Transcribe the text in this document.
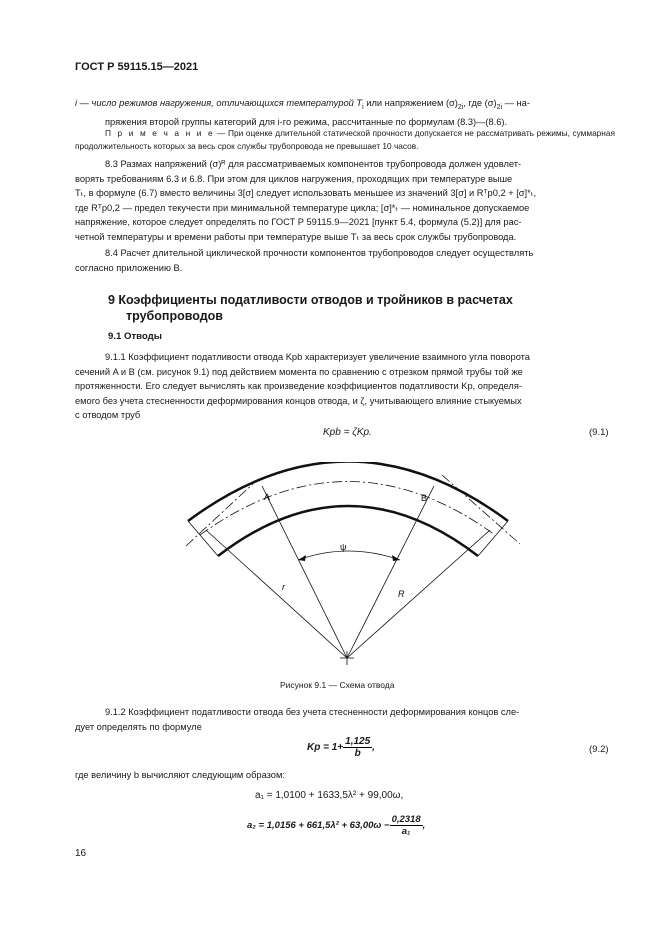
ГОСТ Р 59115.15—2021
i — число режимов нагружения, отличающихся температурой $T_i$ или напряжением $(\sigma)_{2i}$, где $(\sigma)_{2i}$ — на-
пряжения второй группы категорий для i-го режима, рассчитанные по формулам (8.3)—(8.6).
П р и м е ч а н и е — При оценке длительной статической прочности допускается не рассматривать режимы, суммарная продолжительность которых за весь срок службы трубопровода не превышает 10 часов.
8.3 Размах напряжений (σ)ᴿ для рассматриваемых компонентов трубопровода должен удовлет-
ворять требованиям 6.3 и 6.8. При этом для циклов нагружения, проходящих при температуре выше
Tₜ, в формуле (6.7) вместо величины 3[σ] следует использовать меньшее из значений 3[σ] и Rᵀp0,2 + [σ]*ₜ,
где Rᵀp0,2 — предел текучести при минимальной температуре цикла; [σ]*ₜ — номинальное допускаемое
напряжение, которое следует определять по ГОСТ Р 59115.9—2021 [пункт 5.4, формула (5.2)] для рас-
четной температуры и времени работы при температуре выше Tₜ за весь срок службы трубопровода.
8.4 Расчет длительной циклической прочности компонентов трубопроводов следует осуществлять
согласно приложению В.
9 Коэффициенты податливости отводов и тройников в расчетах
трубопроводов
9.1 Отводы
9.1.1 Коэффициент податливости отвода Kpb характеризует увеличение взаимного угла поворота
сечений A и B (см. рисунок 9.1) под действием момента по сравнению с отрезком прямой трубы той же
протяженности. Его следует вычислять как произведение коэффициентов податливости Kp, определя-
емого без учета стесненности деформирования концов отвода, и ζ, учитывающего влияние стыкуемых
с отводом труб
Kpb = ζKp.	(9.1)
A	B
ψ
r
R
Рисунок 9.1 — Схема отвода
9.1.2 Коэффициент податливости отвода без учета стесненности деформирования концов сле-
дует определять по формуле
$Kp = 1+ \frac{1,125}{b}$ ,	(9.2)
где величину b вычисляют следующим образом:
a₁ = 1,0100 + 1633,5λ² + 99,00ω,
$a_2 = 1,0156 + 661,5\lambda^2 + 63,00\omega - \frac{0,2318}{\text{a₁}}$ ,
16
